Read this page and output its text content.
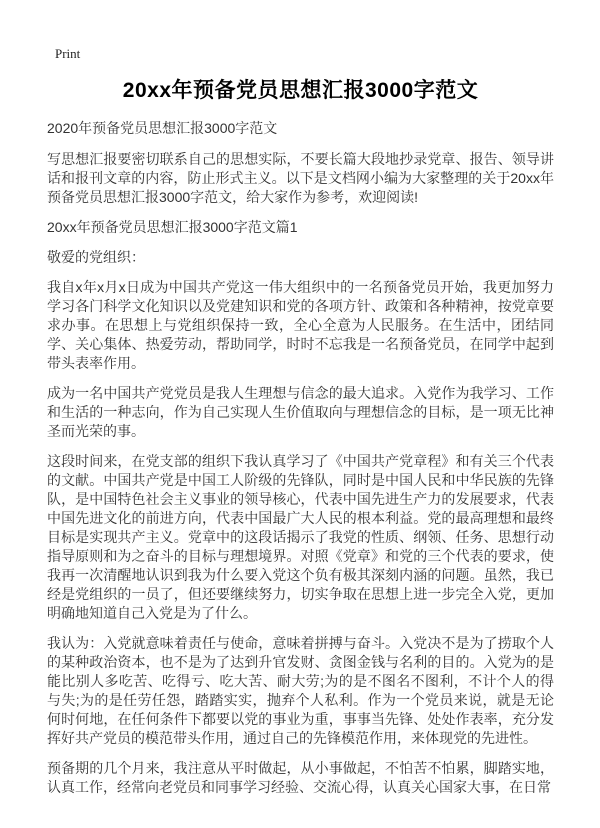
Print
20xx年预备党员思想汇报3000字范文

2020年预备党员思想汇报3000字范文

写思想汇报要密切联系自己的思想实际，不要长篇大段地抄录党章、报告、领导讲话和报刊文章的内容，防止形式主义。以下是文档网小编为大家整理的关于20xx年预备党员思想汇报3000字范文，给大家作为参考，欢迎阅读!

20xx年预备党员思想汇报3000字范文篇1

敬爱的党组织：

我自x年x月x日成为中国共产党这一伟大组织中的一名预备党员开始，我更加努力学习各门科学文化知识以及党建知识和党的各项方针、政策和各种精神，按党章要求办事。在思想上与党组织保持一致，全心全意为人民服务。在生活中，团结同学、关心集体、热爱劳动，帮助同学，时时不忘我是一名预备党员，在同学中起到带头表率作用。

成为一名中国共产党党员是我人生理想与信念的最大追求。入党作为我学习、工作和生活的一种志向，作为自己实现人生价值取向与理想信念的目标，是一项无比神圣而光荣的事。

这段时间来，在党支部的组织下我认真学习了《中国共产党章程》和有关三个代表的文献。中国共产党是中国工人阶级的先锋队，同时是中国人民和中华民族的先锋队，是中国特色社会主义事业的领导核心，代表中国先进生产力的发展要求，代表中国先进文化的前进方向，代表中国最广大人民的根本利益。党的最高理想和最终目标是实现共产主义。党章中的这段话揭示了我党的性质、纲领、任务、思想行动指导原则和为之奋斗的目标与理想境界。对照《党章》和党的三个代表的要求，使我再一次清醒地认识到我为什么要入党这个负有极其深刻内涵的问题。虽然，我已经是党组织的一员了，但还要继续努力，切实争取在思想上进一步完全入党，更加明确地知道自己入党是为了什么。

我认为：入党就意味着责任与使命，意味着拼搏与奋斗。入党决不是为了捞取个人的某种政治资本，也不是为了达到升官发财、贪图金钱与名利的目的。入党为的是能比别人多吃苦、吃得亏、吃大苦、耐大劳;为的是不图名不图利，不计个人的得与失;为的是任劳任怨，踏踏实实，抛弃个人私利。作为一个党员来说，就是无论何时何地，在任何条件下都要以党的事业为重，事事当先锋、处处作表率，充分发挥好共产党员的模范带头作用，通过自己的先锋模范作用，来体现党的先进性。

预备期的几个月来，我注意从平时做起，从小事做起，不怕苦不怕累，脚踏实地，认真工作，经常向老党员和同事学习经验、交流心得，认真关心国家大事，在日常
